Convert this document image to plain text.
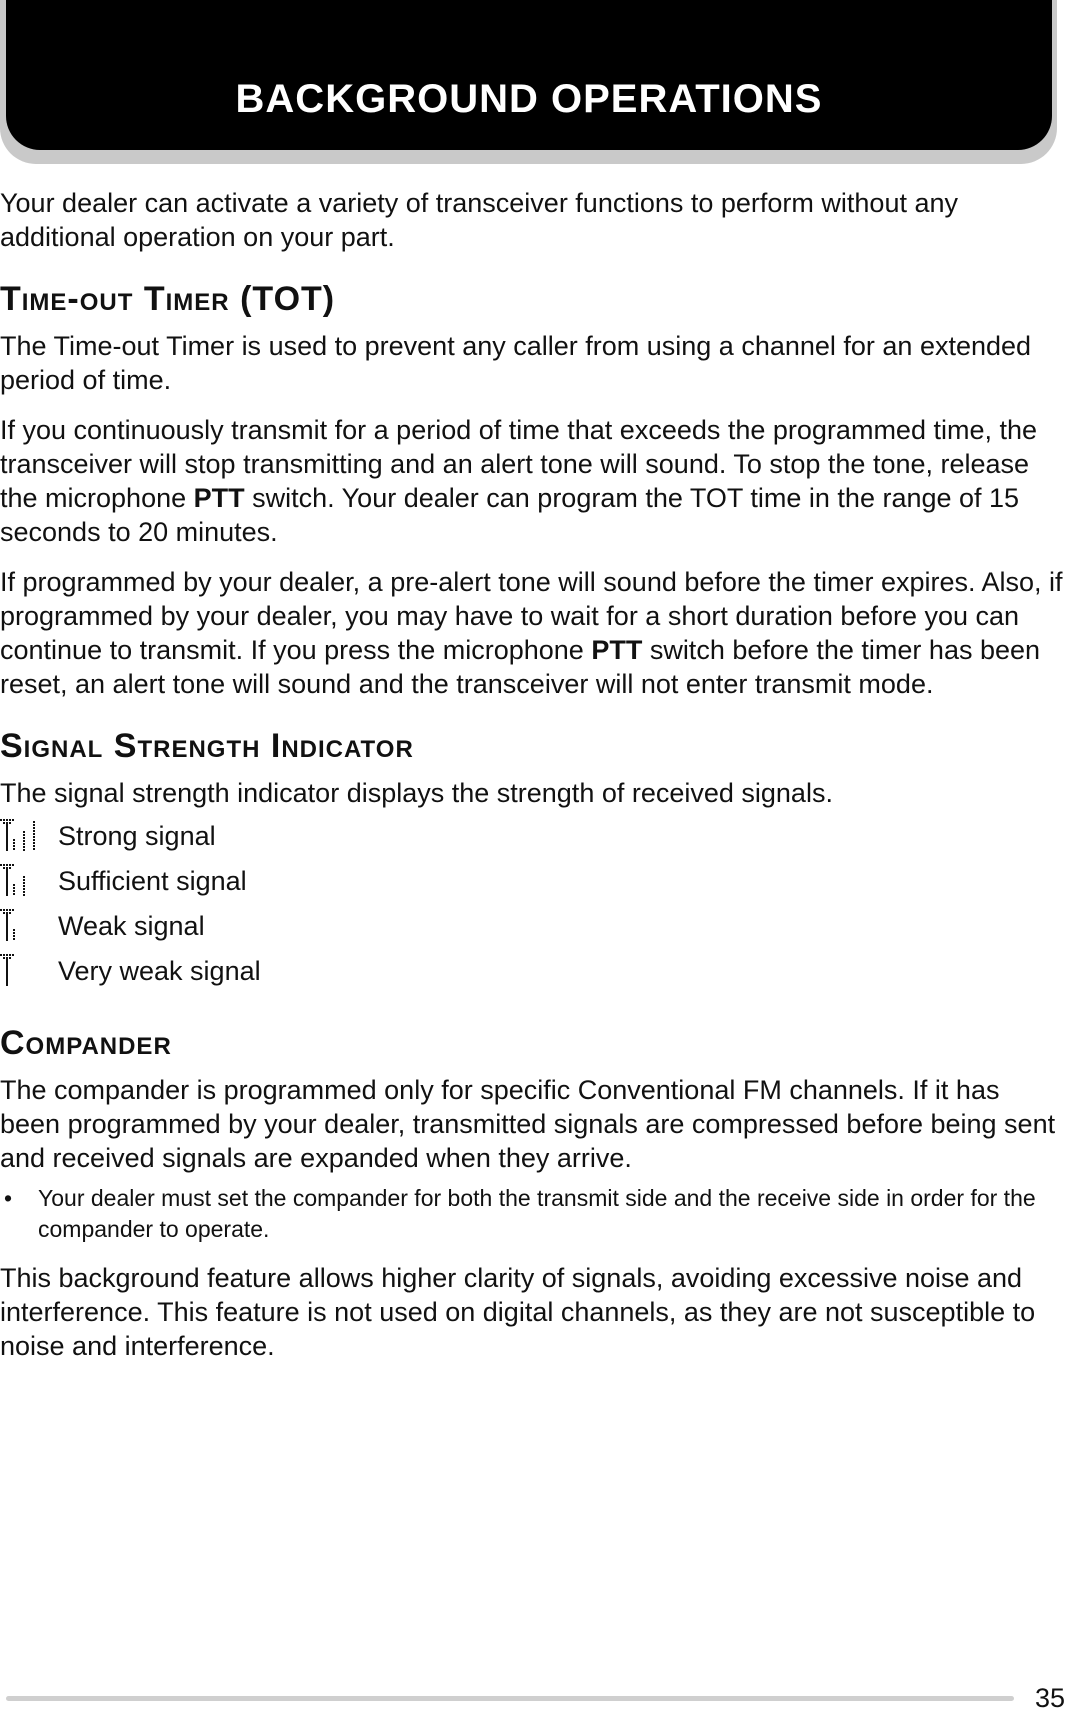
BACKGROUND OPERATIONS

Your dealer can activate a variety of transceiver functions to perform without any additional operation on your part.

Time-out Timer (TOT)

The Time-out Timer is used to prevent any caller from using a channel for an extended period of time.

If you continuously transmit for a period of time that exceeds the programmed time, the transceiver will stop transmitting and an alert tone will sound. To stop the tone, release the microphone PTT switch. Your dealer can program the TOT time in the range of 15 seconds to 20 minutes.

If programmed by your dealer, a pre-alert tone will sound before the timer expires. Also, if programmed by your dealer, you may have to wait for a short duration before you can continue to transmit. If you press the microphone PTT switch before the timer has been reset, an alert tone will sound and the transceiver will not enter transmit mode.

Signal Strength Indicator

The signal strength indicator displays the strength of received signals.

Strong signal
Sufficient signal
Weak signal
Very weak signal
Compander

The compander is programmed only for specific Conventional FM channels. If it has been programmed by your dealer, transmitted signals are compressed before being sent and received signals are expanded when they arrive.

•	Your dealer must set the compander for both the transmit side and the receive side in order for the compander to operate.

This background feature allows higher clarity of signals, avoiding excessive noise and interference. This feature is not used on digital channels, as they are not susceptible to noise and interference.

35
